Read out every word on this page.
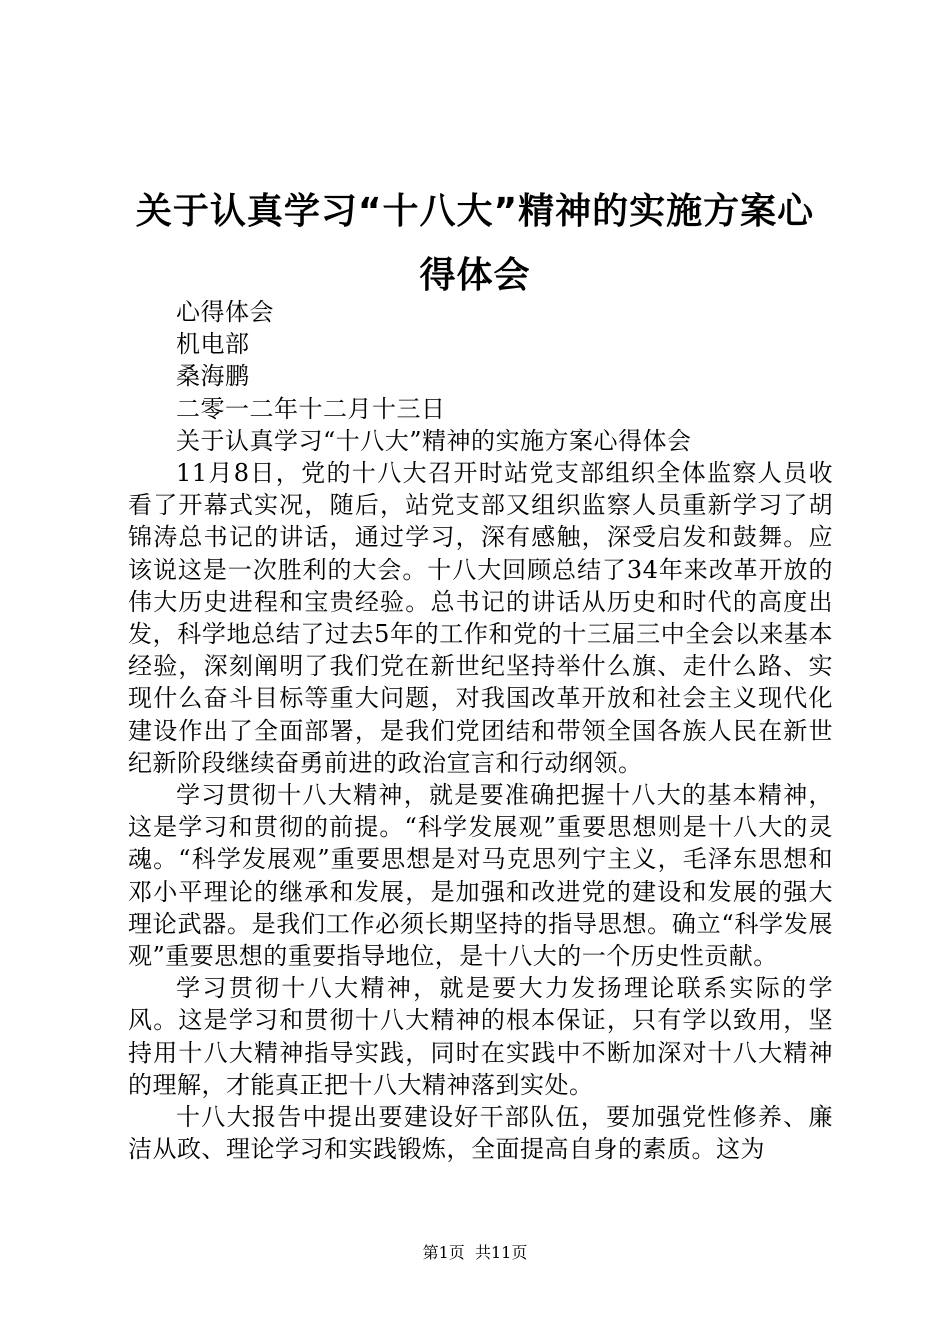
关于认真学习“十八大”精神的实施方案心得体会

心得体会

机电部

桑海鹏

二零一二年十二月十三日

关于认真学习“十八大”精神的实施方案心得体会

11月8日，党的十八大召开时站党支部组织全体监察人员收看了开幕式实况，随后，站党支部又组织监察人员重新学习了胡锦涛总书记的讲话，通过学习，深有感触，深受启发和鼓舞。应该说这是一次胜利的大会。十八大回顾总结了34年来改革开放的伟大历史进程和宝贵经验。总书记的讲话从历史和时代的高度出发，科学地总结了过去5年的工作和党的十三届三中全会以来基本经验，深刻阐明了我们党在新世纪坚持举什么旗、走什么路、实现什么奋斗目标等重大问题，对我国改革开放和社会主义现代化建设作出了全面部署，是我们党团结和带领全国各族人民在新世纪新阶段继续奋勇前进的政治宣言和行动纲领。

学习贯彻十八大精神，就是要准确把握十八大的基本精神，这是学习和贯彻的前提。“科学发展观”重要思想则是十八大的灵魂。“科学发展观”重要思想是对马克思列宁主义，毛泽东思想和邓小平理论的继承和发展，是加强和改进党的建设和发展的强大理论武器。是我们工作必须长期坚持的指导思想。确立“科学发展观”重要思想的重要指导地位，是十八大的一个历史性贡献。

学习贯彻十八大精神，就是要大力发扬理论联系实际的学风。这是学习和贯彻十八大精神的根本保证，只有学以致用，坚持用十八大精神指导实践，同时在实践中不断加深对十八大精神的理解，才能真正把十八大精神落到实处。

十八大报告中提出要建设好干部队伍，要加强党性修养、廉洁从政、理论学习和实践锻炼，全面提高自身的素质。这为

第1页 共11页
